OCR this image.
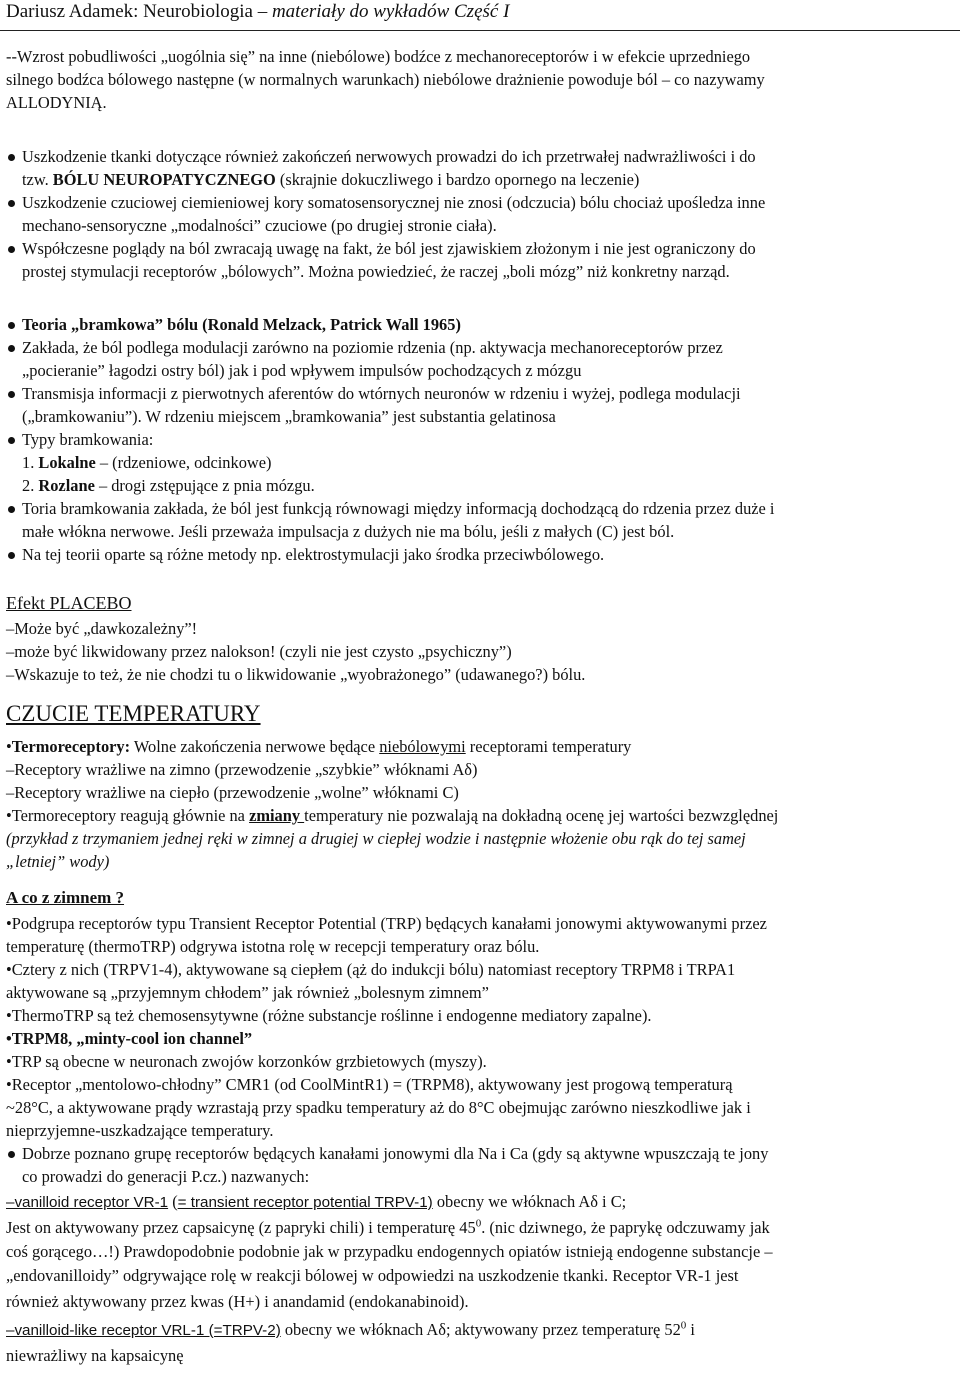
Dariusz Adamek: Neurobiologia – materiały do wykładów Część I
--Wzrost pobudliwości „uogólnia się” na inne (niebólowe) bodźce z mechanoreceptorów i w efekcie uprzedniego
silnego bodźca bólowego następne (w normalnych warunkach) niebólowe drażnienie powoduje ból – co nazywamy
ALLODYNIĄ.
Uszkodzenie tkanki dotyczące również zakończeń nerwowych prowadzi do ich przetrwałej nadwrażliwości i do
tzw. BÓLU NEUROPATYCZNEGO (skrajnie dokuczliwego i bardzo opornego na leczenie)
Uszkodzenie czuciowej ciemieniowej kory somatosensorycznej nie znosi (odczucia) bólu chociaż upośledza inne
mechano-sensoryczne „modalności” czuciowe (po drugiej stronie ciała).
Współczesne poglądy na ból zwracają uwagę na fakt, że ból jest zjawiskiem złożonym i nie jest ograniczony do
prostej stymulacji receptorów „bólowych”. Można powiedzieć, że raczej „boli mózg” niż konkretny narząd.
Teoria „bramkowa” bólu (Ronald Melzack, Patrick Wall 1965)
Zakłada, że ból podlega modulacji zarówno na poziomie rdzenia (np. aktywacja mechanoreceptorów przez
„pocieranie” łagodzi ostry ból) jak i pod wpływem impulsów pochodzących z mózgu
Transmisja informacji z pierwotnych aferentów do wtórnych neuronów w rdzeniu i wyżej, podlega modulacji
(„bramkowaniu”). W rdzeniu miejscem „bramkowania” jest substantia gelatinosa
Typy bramkowania:
1. Lokalne – (rdzeniowe, odcinkowe)
2. Rozlane – drogi zstępujące z pnia mózgu.
Toria bramkowania zakłada, że ból jest funkcją równowagi między informacją dochodzącą do rdzenia przez duże i
małe włókna nerwowe. Jeśli przeważa impulsacja z dużych nie ma bólu, jeśli z małych (C) jest ból.
Na tej teorii oparte są różne metody np. elektrostymulacji jako środka przeciwbólowego.
Efekt PLACEBO
–Może być „dawkozależny”!
–może być likwidowany przez nalokson! (czyli nie jest czysto „psychiczny”)
–Wskazuje to też, że nie chodzi tu o likwidowanie „wyobrażonego” (udawanego?) bólu.
CZUCIE TEMPERATURY
•Termoreceptory: Wolne zakończenia nerwowe będące niebólowymi receptorami temperatury
–Receptory wrażliwe na zimno (przewodzenie „szybkie” włóknami Aδ)
–Receptory wrażliwe na ciepło (przewodzenie „wolne” włóknami C)
•Termoreceptory reagują głównie na zmiany temperatury nie pozwalają na dokładną ocenę jej wartości bezwzględnej
(przykład z trzymaniem jednej ręki w zimnej a drugiej w ciepłej wodzie i następnie włożenie obu rąk do tej samej
„letniej” wody)
A co z zimnem ?
•Podgrupa receptorów typu Transient Receptor Potential (TRP) będących kanałami jonowymi aktywowanymi przez
temperaturę (thermoTRP) odgrywa istotna rolę w recepcji temperatury oraz bólu.
•Cztery z nich (TRPV1-4), aktywowane są ciepłem (ąż do indukcji bólu) natomiast receptory TRPM8 i TRPA1
aktywowane są „przyjemnym chłodem” jak również „bolesnym zimnem”
•ThermoTRP są też chemosensytywne (różne substancje roślinne i endogenne mediatory zapalne).
•TRPM8, „minty-cool ion channel”
•TRP są obecne w neuronach zwojów korzonków grzbietowych (myszy).
•Receptor „mentolowo-chłodny” CMR1 (od CoolMintR1) = (TRPM8), aktywowany jest progową temperaturą
~28°C, a aktywowane prądy wzrastają przy spadku temperatury aż do 8°C obejmując zarówno nieszkodliwe jak i
nieprzyjemne-uszkadzające temperatury.
Dobrze poznano grupę receptorów będących kanałami jonowymi dla Na i Ca (gdy są aktywne wpuszczają te jony
co prowadzi do generacji P.cz.) nazwanych:
–vanilloid receptor VR-1 (= transient receptor potential TRPV-1) obecny we włóknach Aδ i C;
Jest on aktywowany przez capsaicynę (z papryki chili) i temperaturę $45^0$. (nic dziwnego, że paprykę odczuwamy jak
coś gorącego…!) Prawdopodobnie podobnie jak w przypadku endogennych opiatów istnieją endogenne substancje –
„endovanilloidy” odgrywające rolę w reakcji bólowej w odpowiedzi na uszkodzenie tkanki. Receptor VR-1 jest
również aktywowany przez kwas (H+) i anandamid (endokanabinoid).
–vanilloid-like receptor VRL-1 (=TRPV-2) obecny we włóknach Aδ; aktywowany przez temperaturę $52^0$ i
niewrażliwy na kapsaicynę
